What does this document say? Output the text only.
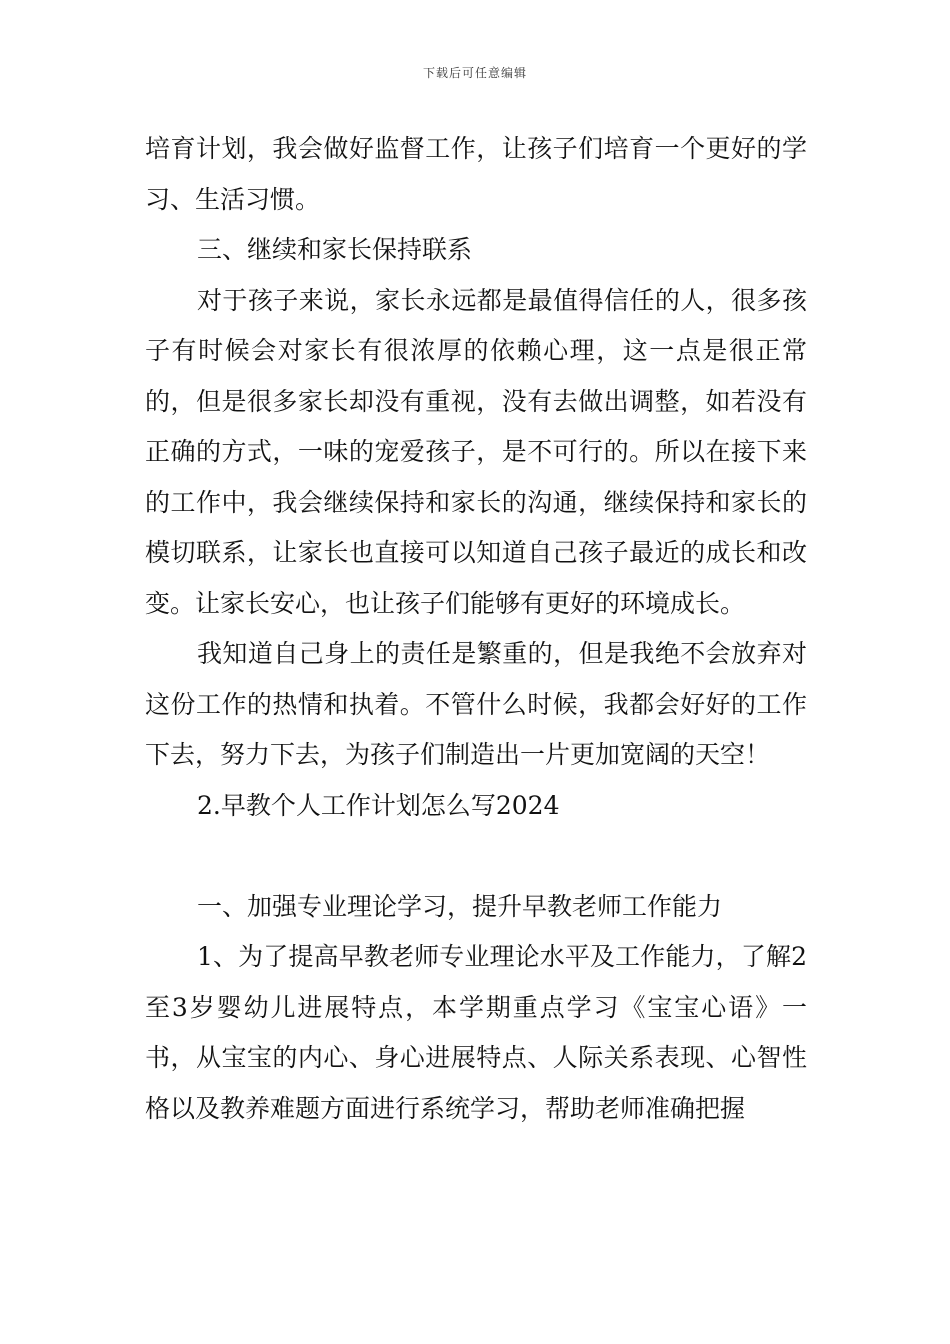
下载后可任意编辑

培育计划，我会做好监督工作，让孩子们培育一个更好的学习、生活习惯。

三、继续和家长保持联系

对于孩子来说，家长永远都是最值得信任的人，很多孩子有时候会对家长有很浓厚的依赖心理，这一点是很正常的，但是很多家长却没有重视，没有去做出调整，如若没有正确的方式，一味的宠爱孩子，是不可行的。所以在接下来的工作中，我会继续保持和家长的沟通，继续保持和家长的模切联系，让家长也直接可以知道自己孩子最近的成长和改变。让家长安心，也让孩子们能够有更好的环境成长。

我知道自己身上的责任是繁重的，但是我绝不会放弃对这份工作的热情和执着。不管什么时候，我都会好好的工作下去，努力下去，为孩子们制造出一片更加宽阔的天空！

2.早教个人工作计划怎么写2024

一、加强专业理论学习，提升早教老师工作能力

1、为了提高早教老师专业理论水平及工作能力，了解2至3岁婴幼儿进展特点，本学期重点学习《宝宝心语》一书，从宝宝的内心、身心进展特点、人际关系表现、心智性格以及教养难题方面进行系统学习，帮助老师准确把握
